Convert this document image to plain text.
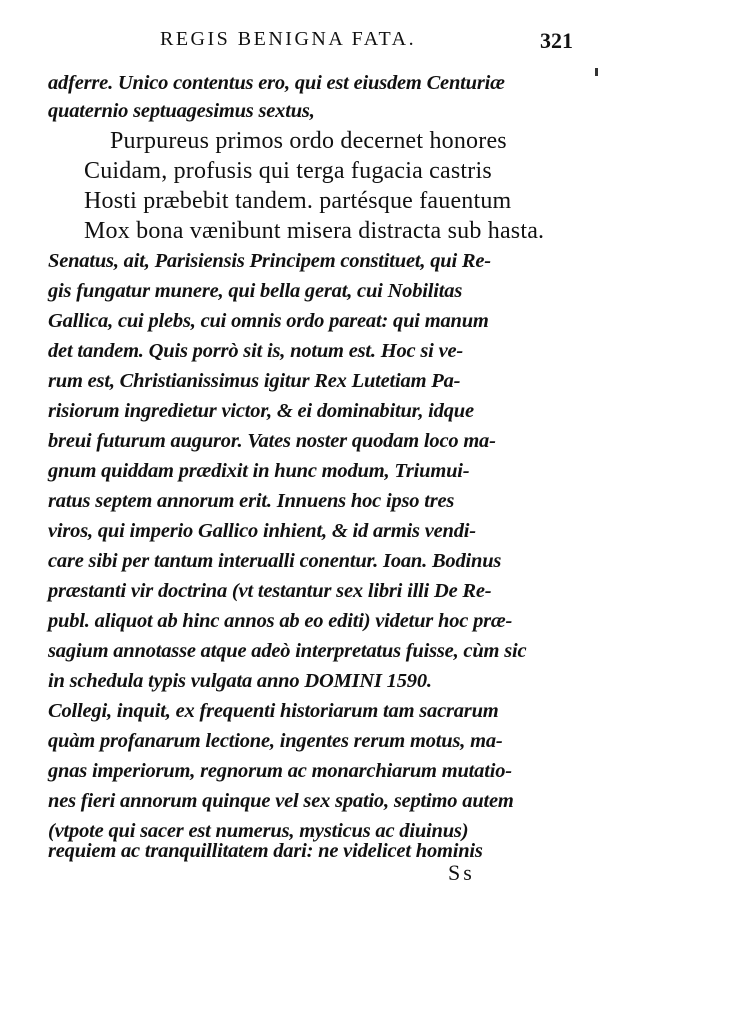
REGIS BENIGNA FATA.	321
adferre. Unico contentus ero, qui est eiusdem Centuriæ
quaternio septuagesimus sextus,
Purpureus primos ordo decernet honores
Cuidam, profusis qui terga fugacia castris
Hosti præbebit tandem. partésque fauentum
Mox bona vænibunt misera distracta sub hasta.
Senatus, ait, Parisiensis Principem constituet, qui Re-
gis fungatur munere, qui bella gerat, cui Nobilitas
Gallica, cui plebs, cui omnis ordo pareat: qui manum
det tandem. Quis porrò sit is, notum est. Hoc si ve-
rum est, Christianissimus igitur Rex Lutetiam Pa-
risiorum ingredietur victor, & ei dominabitur, idque
breui futurum auguror. Vates noster quodam loco ma-
gnum quiddam prædixit in hunc modum, Triumui-
ratus septem annorum erit. Innuens hoc ipso tres
viros, qui imperio Gallico inhient, & id armis vendi-
care sibi per tantum interualli conentur. Ioan. Bodinus
præstanti vir doctrina (vt testantur sex libri illi De Re-
publ. aliquot ab hinc annos ab eo editi) videtur hoc præ-
sagium annotasse atque adeò interpretatus fuisse, cùm sic
in schedula typis vulgata anno DOMINI 1590.
Collegi, inquit, ex frequenti historiarum tam sacrarum
quàm profanarum lectione, ingentes rerum motus, ma-
gnas imperiorum, regnorum ac monarchiarum mutatio-
nes fieri annorum quinque vel sex spatio, septimo autem
(vtpote qui sacer est numerus, mysticus ac diuinus)
requiem ac tranquillitatem dari: ne videlicet hominis
Ss
